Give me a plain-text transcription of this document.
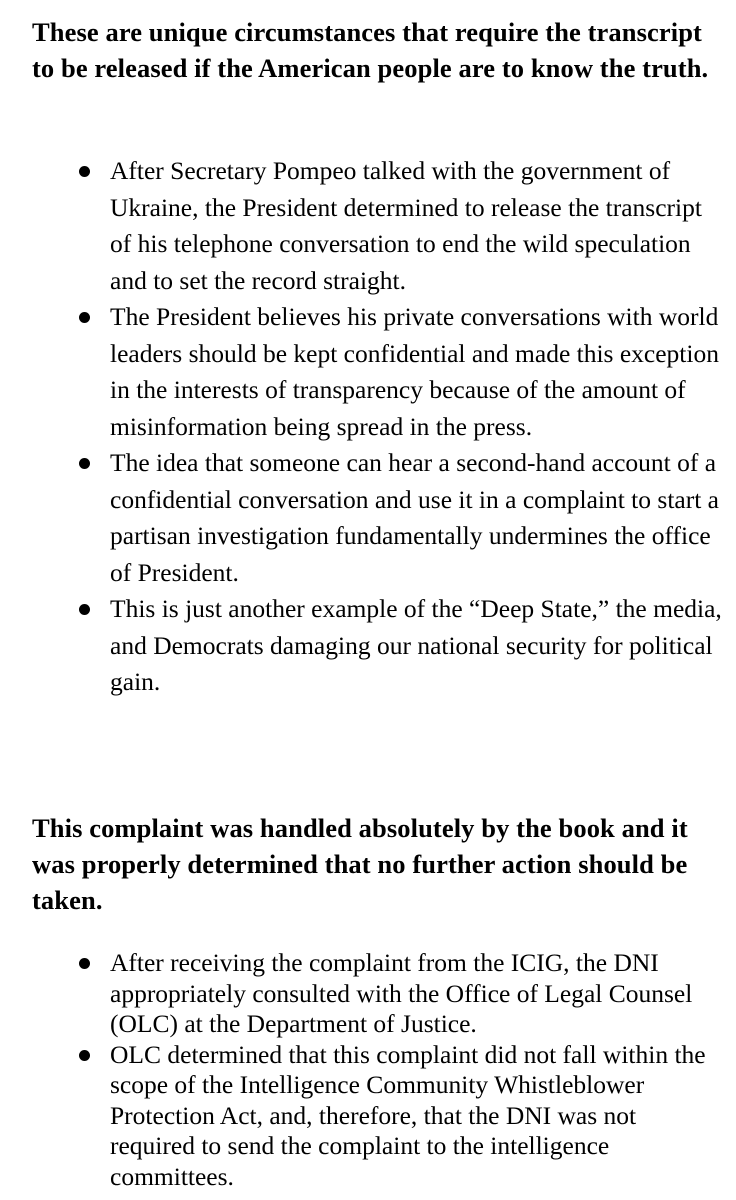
These are unique circumstances that require the transcript to be released if the American people are to know the truth.
After Secretary Pompeo talked with the government of Ukraine, the President determined to release the transcript of his telephone conversation to end the wild speculation and to set the record straight.
The President believes his private conversations with world leaders should be kept confidential and made this exception in the interests of transparency because of the amount of misinformation being spread in the press.
The idea that someone can hear a second-hand account of a confidential conversation and use it in a complaint to start a partisan investigation fundamentally undermines the office of President.
This is just another example of the “Deep State,” the media, and Democrats damaging our national security for political gain.
This complaint was handled absolutely by the book and it was properly determined that no further action should be taken.
After receiving the complaint from the ICIG, the DNI appropriately consulted with the Office of Legal Counsel (OLC) at the Department of Justice.
OLC determined that this complaint did not fall within the scope of the Intelligence Community Whistleblower Protection Act, and, therefore, that the DNI was not required to send the complaint to the intelligence committees.
